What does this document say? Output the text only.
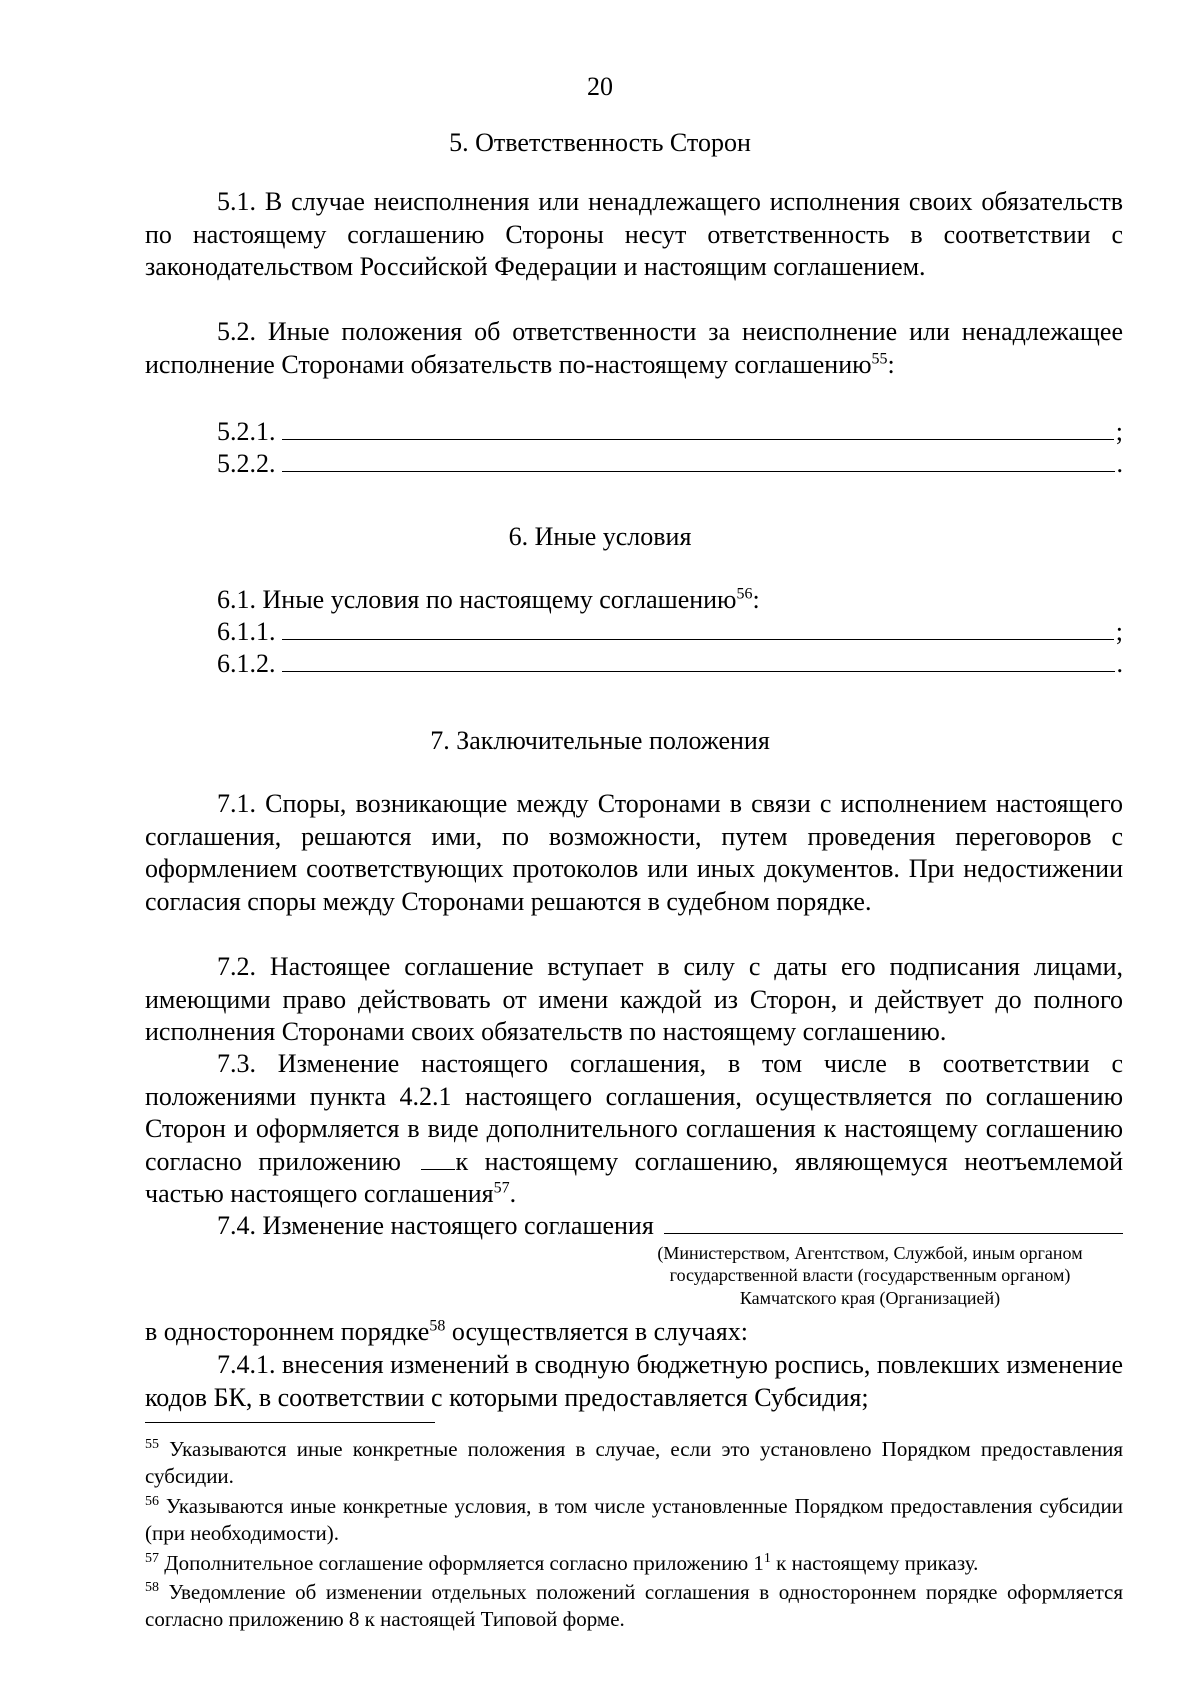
20
5. Ответственность Сторон
5.1. В случае неисполнения или ненадлежащего исполнения своих обязательств по настоящему соглашению Стороны несут ответственность в соответствии с законодательством Российской Федерации и настоящим соглашением.
5.2. Иные положения об ответственности за неисполнение или ненадлежащее исполнение Сторонами обязательств по-настоящему соглашению$^{55}$:
5.2.1.	;
5.2.2.	.
6. Иные условия
6.1. Иные условия по настоящему соглашению$^{56}$:
6.1.1.	;
6.1.2.	.
7. Заключительные положения
7.1. Споры, возникающие между Сторонами в связи с исполнением настоящего соглашения, решаются ими, по возможности, путем проведения переговоров с оформлением соответствующих протоколов или иных документов. При недостижении согласия споры между Сторонами решаются в судебном порядке.
7.2. Настоящее соглашение вступает в силу с даты его подписания лицами, имеющими право действовать от имени каждой из Сторон, и действует до полного исполнения Сторонами своих обязательств по настоящему соглашению.
7.3. Изменение настоящего соглашения, в том числе в соответствии с положениями пункта 4.2.1 настоящего соглашения, осуществляется по соглашению Сторон и оформляется в виде дополнительного соглашения к настоящему соглашению согласно приложению к настоящему соглашению, являющемуся неотъемлемой частью настоящего соглашения$^{57}$.
7.4. Изменение настоящего соглашения
(Министерством, Агентством, Службой, иным органом
государственной власти (государственным органом)
Камчатского края (Организацией)
в одностороннем порядке$^{58}$ осуществляется в случаях:
7.4.1. внесения изменений в сводную бюджетную роспись, повлекших изменение кодов БК, в соответствии с которыми предоставляется Субсидия;
$^{55}$ Указываются иные конкретные положения в случае, если это установлено Порядком предоставления субсидии.
$^{56}$ Указываются иные конкретные условия, в том числе установленные Порядком предоставления субсидии (при необходимости).
$^{57}$ Дополнительное соглашение оформляется согласно приложению $1^1$ к настоящему приказу.
$^{58}$ Уведомление об изменении отдельных положений соглашения в одностороннем порядке оформляется согласно приложению 8 к настоящей Типовой форме.
